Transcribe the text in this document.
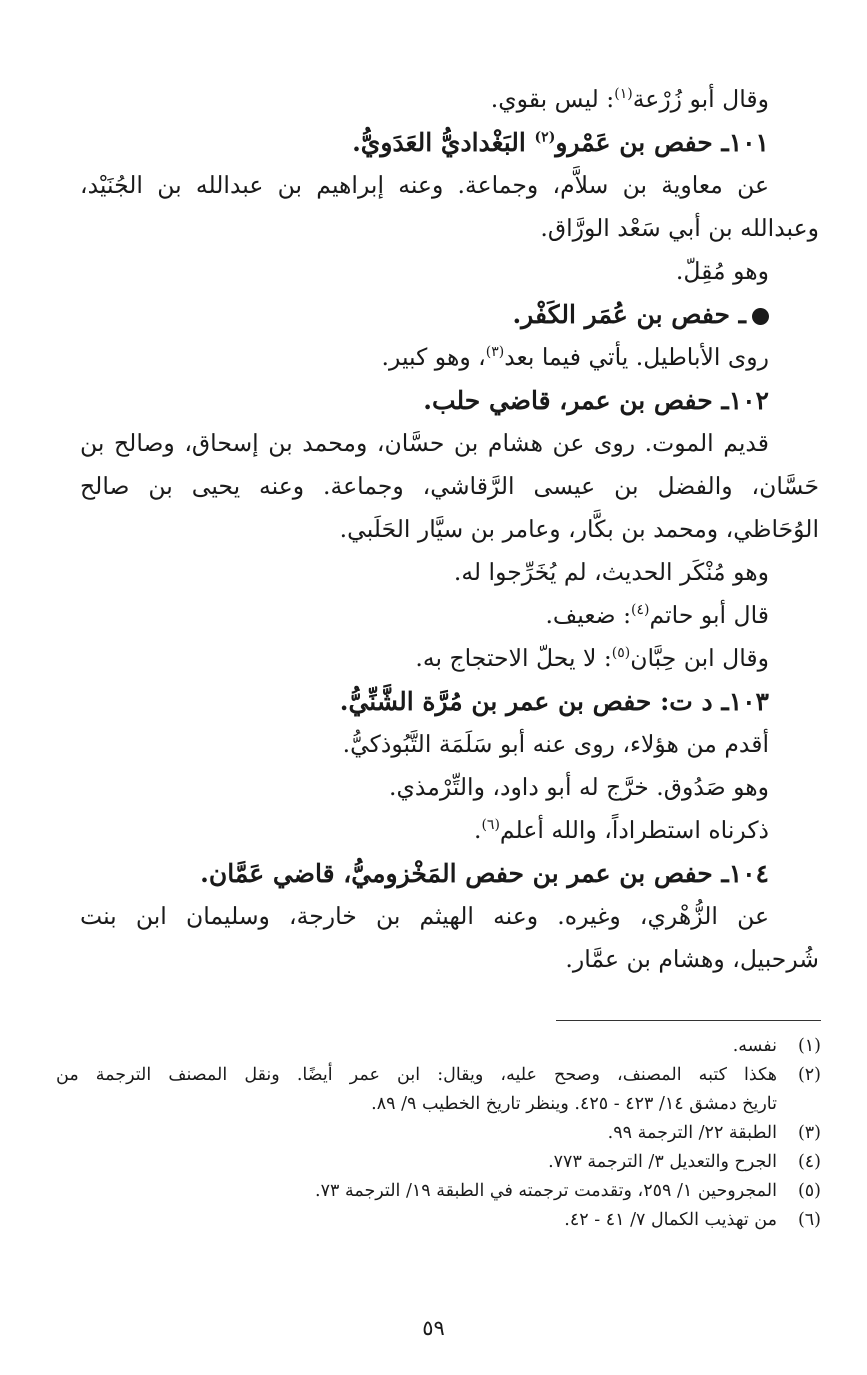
وقال أبو زُرْعة$^{(١)}$: ليس بقوي.
١٠١ـ حفص بن عَمْرو$^{(٢)}$ البَغْداديُّ العَدَويُّ.
عن معاوية بن سلاَّم، وجماعة. وعنه إبراهيم بن عبدالله بن الجُنَيْد،
وعبدالله بن أبي سَعْد الورَّاق.
وهو مُقِلّ.
ـ حفص بن عُمَر الكَفْر.
روى الأباطيل. يأتي فيما بعد$^{(٣)}$، وهو كبير.
١٠٢ـ حفص بن عمر، قاضي حلب.
قديم الموت. روى عن هشام بن حسَّان، ومحمد بن إسحاق، وصالح بن
حَسَّان، والفضل بن عيسى الرَّقاشي، وجماعة. وعنه يحيى بن صالح
الوُحَاظي، ومحمد بن بكَّار، وعامر بن سيَّار الحَلَبي.
وهو مُنْكَر الحديث، لم يُخَرِّجوا له.
قال أبو حاتم$^{(٤)}$: ضعيف.
وقال ابن حِبَّان$^{(٥)}$: لا يحلّ الاحتجاج به.
١٠٣ـ د ت: حفص بن عمر بن مُرَّة الشَّنِّيُّ.
أقدم من هؤلاء، روى عنه أبو سَلَمَة التَّبُوذكيُّ.
وهو صَدُوق. خرَّج له أبو داود، والتِّرْمذي.
ذكرناه استطراداً، والله أعلم$^{(٦)}$.
١٠٤ـ حفص بن عمر بن حفص المَخْزوميُّ، قاضي عَمَّان.
عن الزُّهْري، وغيره. وعنه الهيثم بن خارجة، وسليمان ابن بنت
شُرحبيل، وهشام بن عمَّار.
(١)
نفسه.
(٢)
هكذا كتبه المصنف، وصحح عليه، ويقال: ابن عمر أيضًا. ونقل المصنف الترجمة من
تاريخ دمشق ١٤/ ٤٢٣ - ٤٢٥. وينظر تاريخ الخطيب ٩/ ٨٩.
(٣)
الطبقة ٢٢/ الترجمة ٩٩.
(٤)
الجرح والتعديل ٣/ الترجمة ٧٧٣.
(٥)
المجروحين ١/ ٢٥٩، وتقدمت ترجمته في الطبقة ١٩/ الترجمة ٧٣.
(٦)
من تهذيب الكمال ٧/ ٤١ - ٤٢.
٥٩
